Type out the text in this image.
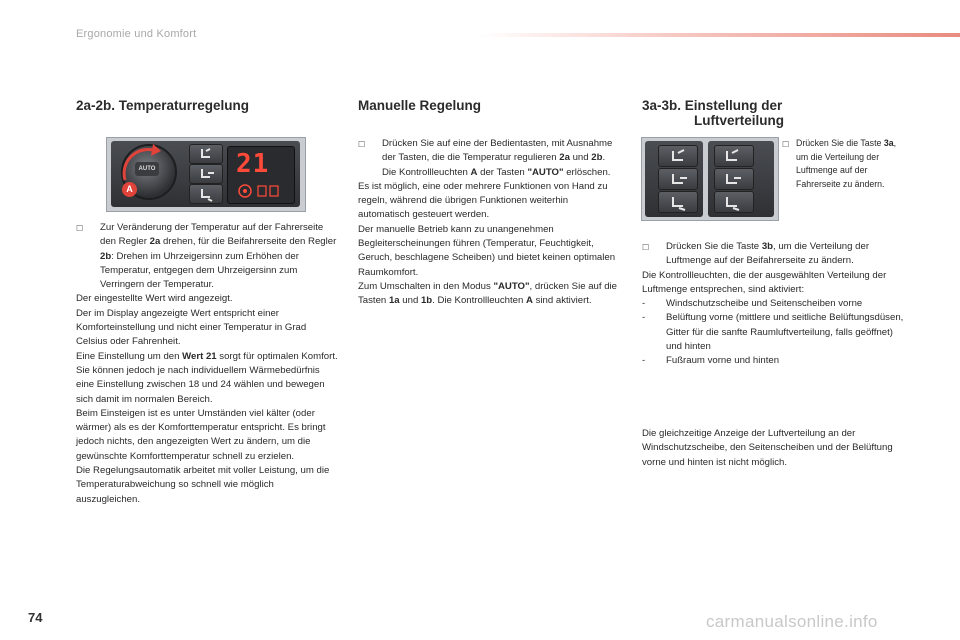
Ergonomie und Komfort
2a-2b. Temperaturregelung
AUTO
A
21
☐	Zur Veränderung der Temperatur auf der Fahrerseite den Regler 2a drehen, für die Beifahrerseite den Regler 2b: Drehen im Uhrzeigersinn zum Erhöhen der Temperatur, entgegen dem Uhrzeigersinn zum Verringern der Temperatur.

Der eingestellte Wert wird angezeigt.

Der im Display angezeigte Wert entspricht einer Komforteinstellung und nicht einer Temperatur in Grad Celsius oder Fahrenheit.

Eine Einstellung um den Wert 21 sorgt für optimalen Komfort. Sie können jedoch je nach individuellem Wärmebedürfnis eine Einstellung zwischen 18 und 24 wählen und bewegen sich damit im normalen Bereich.

Beim Einsteigen ist es unter Umständen viel kälter (oder wärmer) als es der Komforttemperatur entspricht. Es bringt jedoch nichts, den angezeigten Wert zu ändern, um die gewünschte Komforttemperatur schnell zu erzielen.

Die Regelungsautomatik arbeitet mit voller Leistung, um die Temperaturabweichung so schnell wie möglich auszugleichen.

Manuelle Regelung
☐	Drücken Sie auf eine der Bedientasten, mit Ausnahme der Tasten, die die Temperatur regulieren 2a und 2b. Die Kontrollleuchten A der Tasten "AUTO" erlöschen.

Es ist möglich, eine oder mehrere Funktionen von Hand zu regeln, während die übrigen Funktionen weiterhin automatisch gesteuert werden.

Der manuelle Betrieb kann zu unangenehmen Begleiterscheinungen führen (Temperatur, Feuchtigkeit, Geruch, beschlagene Scheiben) und bietet keinen optimalen Raumkomfort.

Zum Umschalten in den Modus "AUTO", drücken Sie auf die Tasten 1a und 1b. Die Kontrollleuchten A sind aktiviert.

3a-3b. Einstellung der
Luftverteilung
☐ Drücken Sie die Taste 3a, um die Verteilung der Luftmenge auf der Fahrerseite zu ändern.
☐	Drücken Sie die Taste 3b, um die Verteilung der Luftmenge auf der Beifahrerseite zu ändern.

Die Kontrollleuchten, die der ausgewählten Verteilung der Luftmenge entsprechen, sind aktiviert:

-	Windschutzscheibe und Seitenscheiben vorne
-	Belüftung vorne (mittlere und seitliche Belüftungsdüsen, Gitter für die sanfte Raumluftverteilung, falls geöffnet) und hinten
-	Fußraum vorne und hinten

Die gleichzeitige Anzeige der Luftverteilung an der Windschutzscheibe, den Seitenscheiben und der Belüftung vorne und hinten ist nicht möglich.

74	carmanualsonline.info
